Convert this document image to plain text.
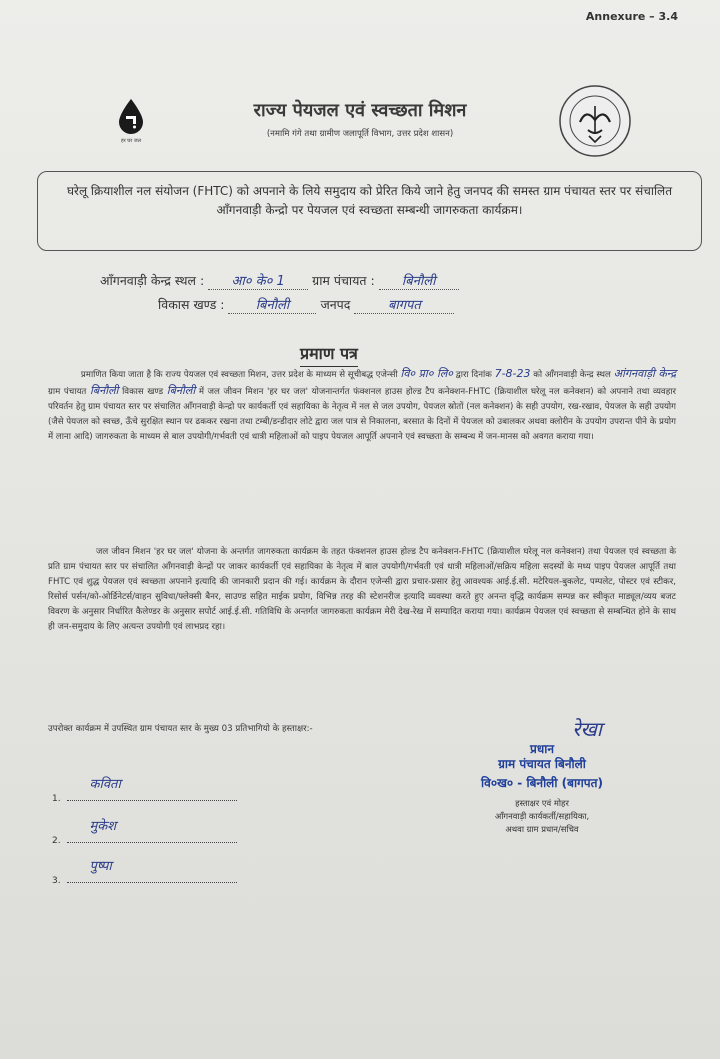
Annexure – 3.4
हर घर जल
राज्य पेयजल एवं स्वच्छता मिशन
(नमामि गंगे तथा ग्रामीण जलापूर्ति विभाग, उत्तर प्रदेश शासन)
घरेलू क्रियाशील नल संयोजन (FHTC) को अपनाने के लिये समुदाय को प्रेरित किये जाने हेतु जनपद की समस्त ग्राम पंचायत स्तर पर संचालित आँगनवाड़ी केन्द्रो पर पेयजल एवं स्वच्छता सम्बन्धी जागरुकता कार्यक्रम।
आँगनवाड़ी केन्द्र स्थल : आ० के० 1 ग्राम पंचायत : बिनौली
विकास खण्ड : बिनौली जनपद	बागपत
प्रमाण पत्र
प्रमाणित किया जाता है कि राज्य पेयजल एवं स्वच्छता मिशन, उत्तर प्रदेश के माध्यम से सूचीबद्ध एजेन्सी वि० प्रा० लि० द्वारा दिनांक 7-8-23 को आँगनवाड़ी केन्द्र स्थल आंगनवाड़ी केन्द्र ग्राम पंचायत बिनौली विकास खण्ड बिनौली में जल जीवन मिशन 'हर घर जल' योजनान्तर्गत फंक्शनल हाउस होल्ड टैप कनेक्शन-FHTC (क्रियाशील घरेलू नल कनेक्शन) को अपनाने तथा व्यवहार परिवर्तन हेतु ग्राम पंचायत स्तर पर संचालित आँगनवाड़ी केन्द्रो पर कार्यकर्ती एवं सहायिका के नेतृत्व में नल से जल उपयोग, पेयजल स्रोतों (नल कनेक्शन) के सही उपयोग, रख-रखाव, पेयजल के सही उपयोग (जैसे पेयजल को स्वच्छ, ऊँचे सुरक्षित स्थान पर ढककर रखना तथा टम्बी/डन्डीदार लोटे द्वारा जल पात्र से निकालना, बरसात के दिनों में पेयजल को उबालकर अथवा क्लोरीन के उपयोग उपरान्त पीने के प्रयोग में लाना आदि) जागरुकता के माध्यम से बाल उपयोगी/गर्भवती एवं धात्री महिलाओं को पाइप पेयजल आपूर्ति अपनाने एवं स्वच्छता के सम्बन्ध में जन-मानस को अवगत कराया गया।
जल जीवन मिशन 'हर घर जल' योजना के अन्तर्गत जागरुकता कार्यक्रम के तहत फंक्शनल हाउस होल्ड टैप कनेक्शन-FHTC (क्रियाशील घरेलू नल कनेक्शन) तथा पेयजल एवं स्वच्छता के प्रति ग्राम पंचायत स्तर पर संचालित आँगनवाड़ी केन्द्रों पर जाकर कार्यकर्ती एवं सहायिका के नेतृत्व में बाल उपयोगी/गर्भवती एवं धात्री महिलाओं/सक्रिय महिला सदस्यों के मध्य पाइप पेयजल आपूर्ति तथा FHTC एवं शुद्ध पेयजल एवं स्वच्छता अपनाने इत्यादि की जानकारी प्रदान की गई। कार्यक्रम के दौरान एजेन्सी द्वारा प्रचार-प्रसार हेतु आवश्यक आई.ई.सी. मटेरियल-बुकलेट, पम्पलेट, पोस्टर एवं स्टीकर, रिसोर्स पर्सन/को-ओर्डिनेटर्स/वाहन सुविधा/फ्लेक्सी बैनर, साउण्ड सहित माईक प्रयोग, विभिन्न तरह की स्टेशनरीज इत्यादि व्यवस्था करते हुए अनन्त वृद्धि कार्यक्रम सम्पन्न कर स्वीकृत माड्यूल/व्यय बजट विवरण के अनुसार निर्धारित कैलेण्डर के अनुसार सपोर्ट आई.ई.सी. गतिविधि के अन्तर्गत जागरुकता कार्यक्रम मेरी देख-रेख में सम्पादित कराया गया। कार्यक्रम पेयजल एवं स्वच्छता से सम्बन्धित होने के साथ ही जन-समुदाय के लिए अत्यन्त उपयोगी एवं लाभप्रद रहा।
उपरोक्त कार्यक्रम में उपस्थित ग्राम पंचायत स्तर के मुख्य 03 प्रतिभागियो के हस्ताक्षर:-
1.
कविता
2.
मुकेश
3.
पुष्पा
रेखा
प्रधान
ग्राम पंचायत बिनौली
वि०ख० - बिनौली (बागपत)
हस्ताक्षर एवं मोहर
आँगनवाड़ी कार्यकर्ती/सहायिका,
अथवा ग्राम प्रधान/सचिव
